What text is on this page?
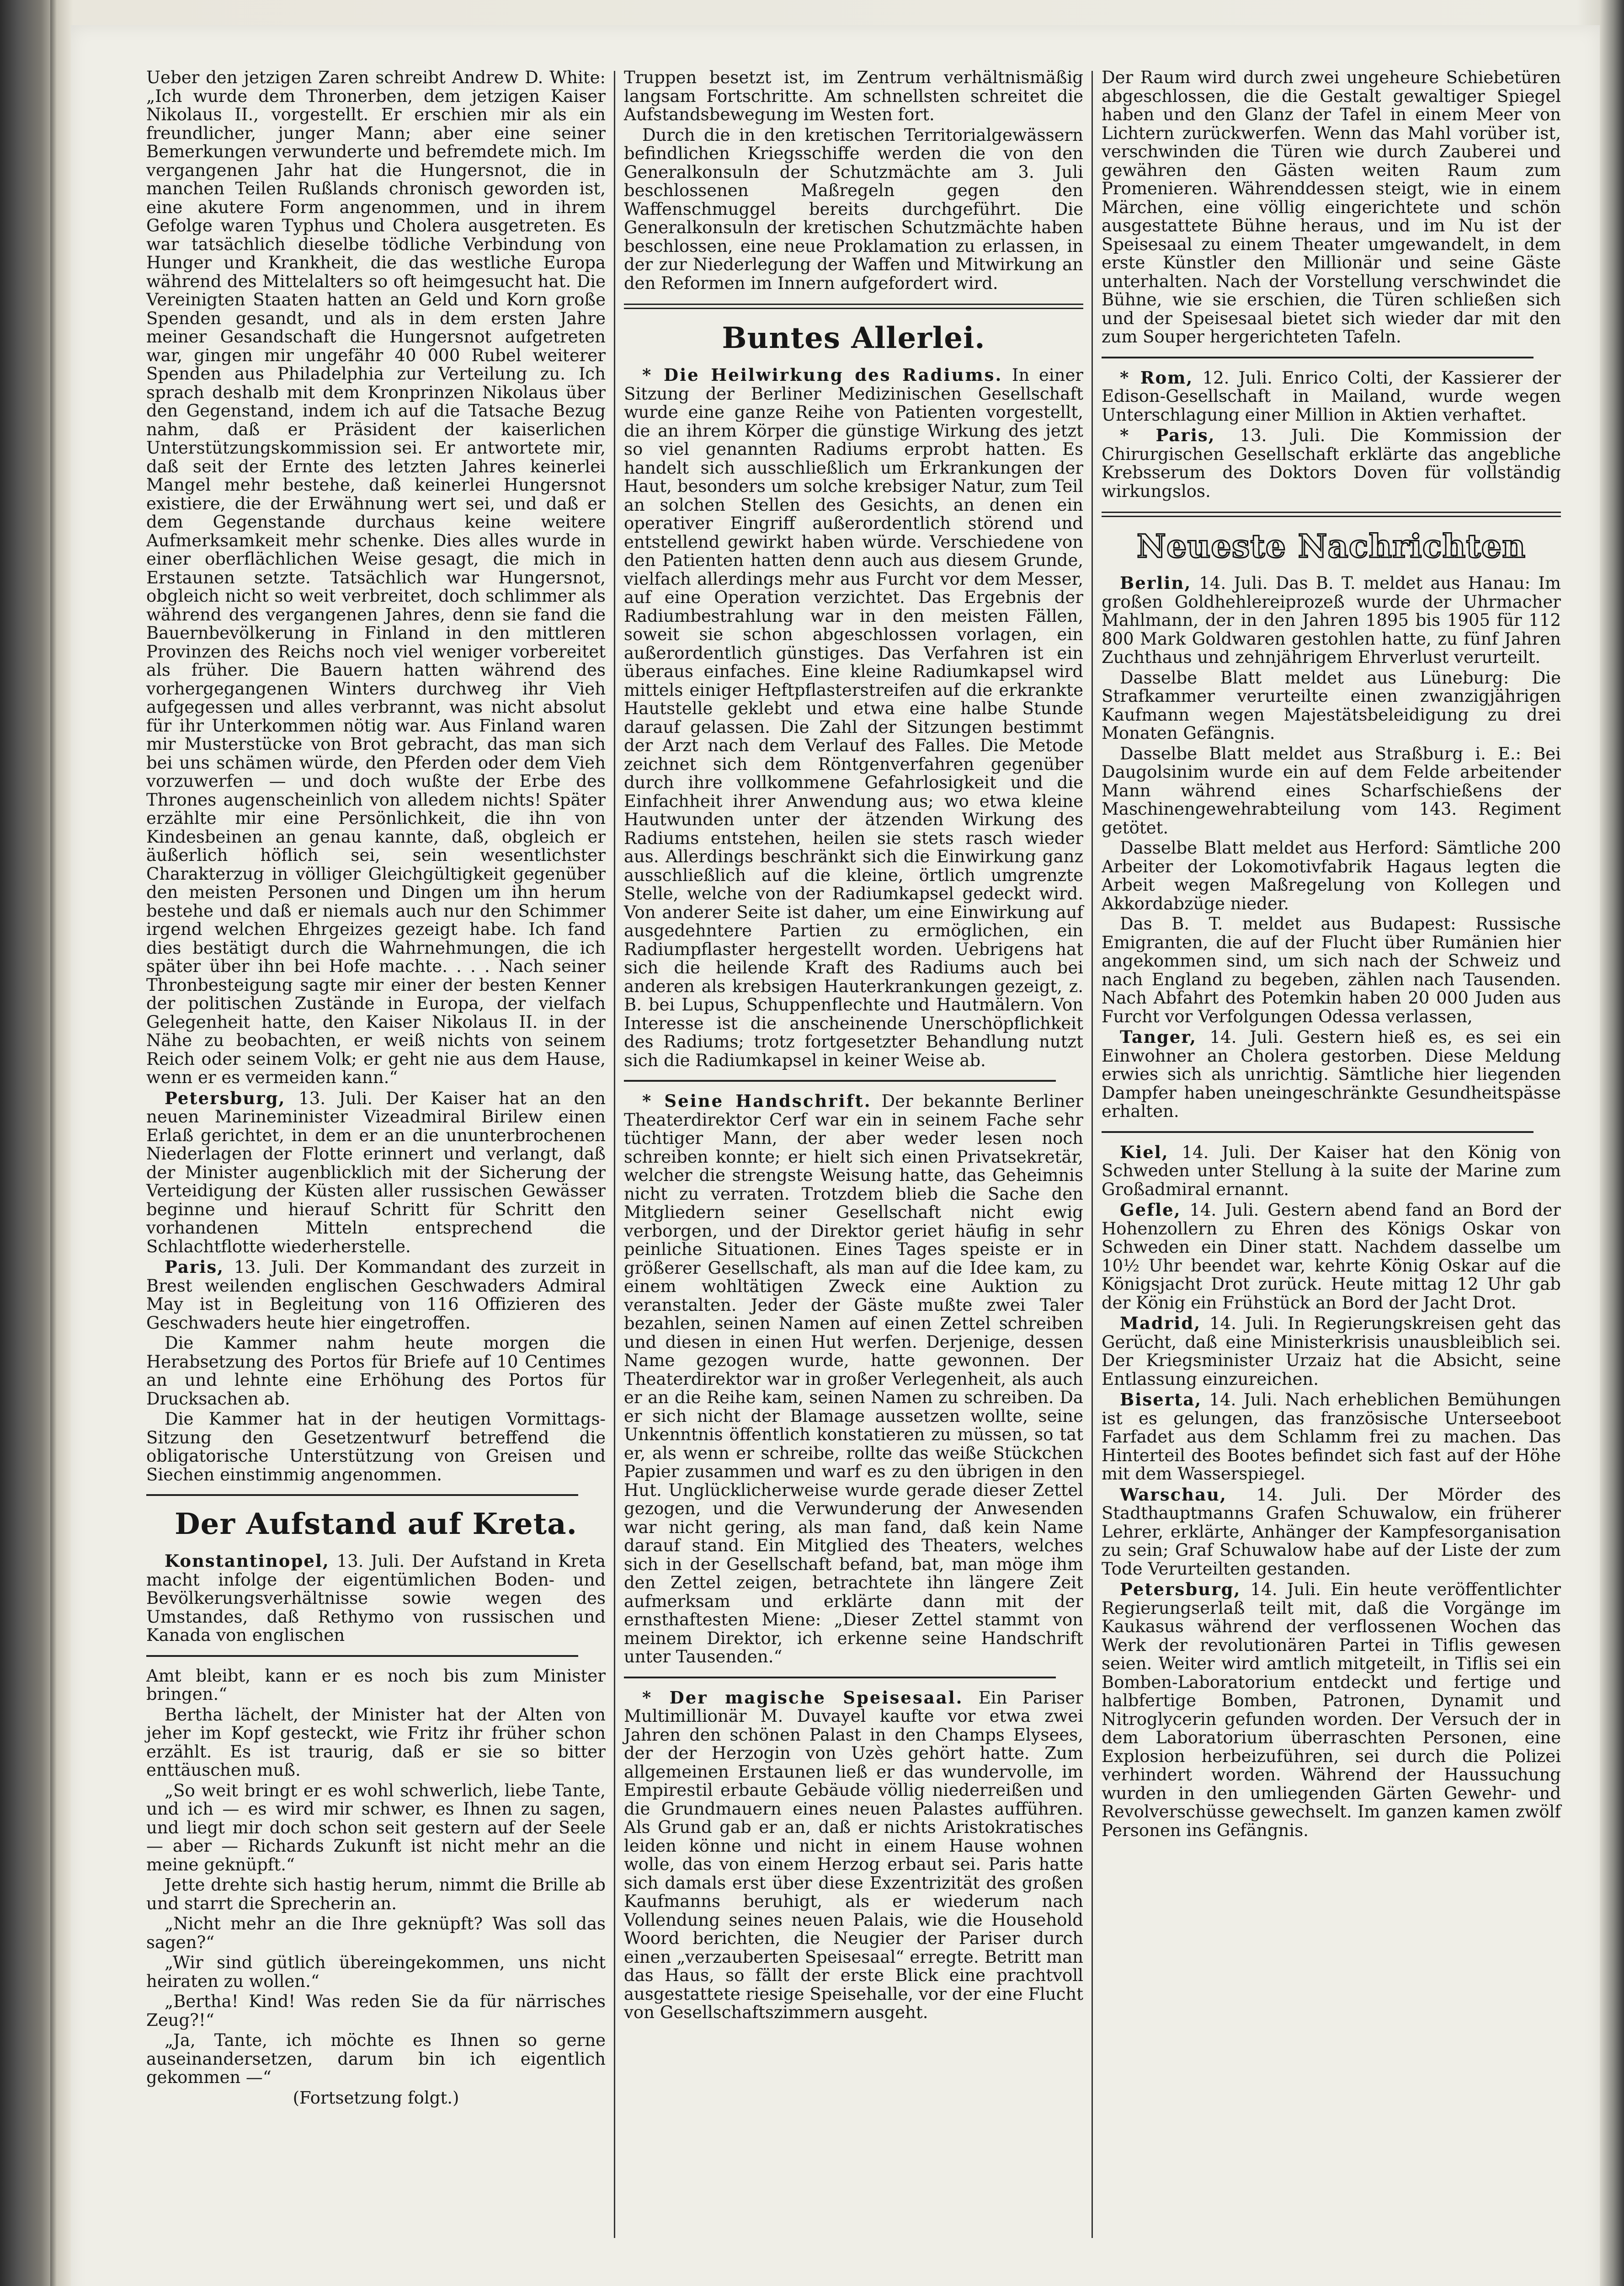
Ueber den jetzigen Zaren schreibt Andrew D. White: „Ich wurde dem Thronerben, dem jetzigen Kaiser Nikolaus II., vorgestellt. Er erschien mir als ein freundlicher, junger Mann; aber eine seiner Bemerkungen verwunderte und befremdete mich. Im vergangenen Jahr hat die Hungersnot, die in manchen Teilen Rußlands chronisch geworden ist, eine akutere Form angenommen, und in ihrem Gefolge waren Typhus und Cholera ausgetreten. Es war tatsächlich dieselbe tödliche Verbindung von Hunger und Krankheit, die das westliche Europa während des Mittelalters so oft heimgesucht hat. Die Vereinigten Staaten hatten an Geld und Korn große Spenden gesandt, und als in dem ersten Jahre meiner Gesandschaft die Hungersnot aufgetreten war, gingen mir ungefähr 40 000 Rubel weiterer Spenden aus Philadelphia zur Verteilung zu. Ich sprach deshalb mit dem Kronprinzen Nikolaus über den Gegenstand, indem ich auf die Tatsache Bezug nahm, daß er Präsident der kaiserlichen Unterstützungskommission sei. Er antwortete mir, daß seit der Ernte des letzten Jahres keinerlei Mangel mehr bestehe, daß keinerlei Hungersnot existiere, die der Erwähnung wert sei, und daß er dem Gegenstande durchaus keine weitere Aufmerksamkeit mehr schenke. Dies alles wurde in einer oberflächlichen Weise gesagt, die mich in Erstaunen setzte. Tatsächlich war Hungersnot, obgleich nicht so weit verbreitet, doch schlimmer als während des vergangenen Jahres, denn sie fand die Bauernbevölkerung in Finland in den mittleren Provinzen des Reichs noch viel weniger vorbereitet als früher. Die Bauern hatten während des vorhergegangenen Winters durchweg ihr Vieh aufgegessen und alles verbrannt, was nicht absolut für ihr Unterkommen nötig war. Aus Finland waren mir Musterstücke von Brot gebracht, das man sich bei uns schämen würde, den Pferden oder dem Vieh vorzuwerfen — und doch wußte der Erbe des Thrones augenscheinlich von alledem nichts! Später erzählte mir eine Persönlichkeit, die ihn von Kindesbeinen an genau kannte, daß, obgleich er äußerlich höflich sei, sein wesentlichster Charakterzug in völliger Gleichgültigkeit gegenüber den meisten Personen und Dingen um ihn herum bestehe und daß er niemals auch nur den Schimmer irgend welchen Ehrgeizes gezeigt habe. Ich fand dies bestätigt durch die Wahrnehmungen, die ich später über ihn bei Hofe machte. . . . Nach seiner Thronbesteigung sagte mir einer der besten Kenner der politischen Zustände in Europa, der vielfach Gelegenheit hatte, den Kaiser Nikolaus II. in der Nähe zu beobachten, er weiß nichts von seinem Reich oder seinem Volk; er geht nie aus dem Hause, wenn er es vermeiden kann.“

Petersburg, 13. Juli. Der Kaiser hat an den neuen Marineminister Vizeadmiral Birilew einen Erlaß gerichtet, in dem er an die ununterbrochenen Niederlagen der Flotte erinnert und verlangt, daß der Minister augenblicklich mit der Sicherung der Verteidigung der Küsten aller russischen Gewässer beginne und hierauf Schritt für Schritt den vorhandenen Mitteln entsprechend die Schlachtflotte wiederherstelle.

Paris, 13. Juli. Der Kommandant des zurzeit in Brest weilenden englischen Geschwaders Admiral May ist in Begleitung von 116 Offizieren des Geschwaders heute hier eingetroffen.

Die Kammer nahm heute morgen die Herabsetzung des Portos für Briefe auf 10 Centimes an und lehnte eine Erhöhung des Portos für Drucksachen ab.

Die Kammer hat in der heutigen Vormittags-Sitzung den Gesetzentwurf betreffend die obligatorische Unterstützung von Greisen und Siechen einstimmig angenommen.

Der Aufstand auf Kreta.

Konstantinopel, 13. Juli. Der Aufstand in Kreta macht infolge der eigentümlichen Boden- und Bevölkerungsverhältnisse sowie wegen des Umstandes, daß Rethymo von russischen und Kanada von englischen

Amt bleibt, kann er es noch bis zum Minister bringen.“

Bertha lächelt, der Minister hat der Alten von jeher im Kopf gesteckt, wie Fritz ihr früher schon erzählt. Es ist traurig, daß er sie so bitter enttäuschen muß.

„So weit bringt er es wohl schwerlich, liebe Tante, und ich — es wird mir schwer, es Ihnen zu sagen, und liegt mir doch schon seit gestern auf der Seele — aber — Richards Zukunft ist nicht mehr an die meine geknüpft.“

Jette drehte sich hastig herum, nimmt die Brille ab und starrt die Sprecherin an.

„Nicht mehr an die Ihre geknüpft? Was soll das sagen?“

„Wir sind gütlich übereingekommen, uns nicht heiraten zu wollen.“

„Bertha! Kind! Was reden Sie da für närrisches Zeug?!“

„Ja, Tante, ich möchte es Ihnen so gerne auseinandersetzen, darum bin ich eigentlich gekommen —“

(Fortsetzung folgt.)

Truppen besetzt ist, im Zentrum verhältnismäßig langsam Fortschritte. Am schnellsten schreitet die Aufstandsbewegung im Westen fort.

Durch die in den kretischen Territorialgewässern befindlichen Kriegsschiffe werden die von den Generalkonsuln der Schutzmächte am 3. Juli beschlossenen Maßregeln gegen den Waffenschmuggel bereits durchgeführt. Die Generalkonsuln der kretischen Schutzmächte haben beschlossen, eine neue Proklamation zu erlassen, in der zur Niederlegung der Waffen und Mitwirkung an den Reformen im Innern aufgefordert wird.

Buntes Allerlei.

* Die Heilwirkung des Radiums. In einer Sitzung der Berliner Medizinischen Gesellschaft wurde eine ganze Reihe von Patienten vorgestellt, die an ihrem Körper die günstige Wirkung des jetzt so viel genannten Radiums erprobt hatten. Es handelt sich ausschließlich um Erkrankungen der Haut, besonders um solche krebsiger Natur, zum Teil an solchen Stellen des Gesichts, an denen ein operativer Eingriff außerordentlich störend und entstellend gewirkt haben würde. Verschiedene von den Patienten hatten denn auch aus diesem Grunde, vielfach allerdings mehr aus Furcht vor dem Messer, auf eine Operation verzichtet. Das Ergebnis der Radiumbestrahlung war in den meisten Fällen, soweit sie schon abgeschlossen vorlagen, ein außerordentlich günstiges. Das Verfahren ist ein überaus einfaches. Eine kleine Radiumkapsel wird mittels einiger Heftpflasterstreifen auf die erkrankte Hautstelle geklebt und etwa eine halbe Stunde darauf gelassen. Die Zahl der Sitzungen bestimmt der Arzt nach dem Verlauf des Falles. Die Metode zeichnet sich dem Röntgenverfahren gegenüber durch ihre vollkommene Gefahrlosigkeit und die Einfachheit ihrer Anwendung aus; wo etwa kleine Hautwunden unter der ätzenden Wirkung des Radiums entstehen, heilen sie stets rasch wieder aus. Allerdings beschränkt sich die Einwirkung ganz ausschließlich auf die kleine, örtlich umgrenzte Stelle, welche von der Radiumkapsel gedeckt wird. Von anderer Seite ist daher, um eine Einwirkung auf ausgedehntere Partien zu ermöglichen, ein Radiumpflaster hergestellt worden. Uebrigens hat sich die heilende Kraft des Radiums auch bei anderen als krebsigen Hauterkrankungen gezeigt, z. B. bei Lupus, Schuppenflechte und Hautmälern. Von Interesse ist die anscheinende Unerschöpflichkeit des Radiums; trotz fortgesetzter Behandlung nutzt sich die Radiumkapsel in keiner Weise ab.

* Seine Handschrift. Der bekannte Berliner Theaterdirektor Cerf war ein in seinem Fache sehr tüchtiger Mann, der aber weder lesen noch schreiben konnte; er hielt sich einen Privatsekretär, welcher die strengste Weisung hatte, das Geheimnis nicht zu verraten. Trotzdem blieb die Sache den Mitgliedern seiner Gesellschaft nicht ewig verborgen, und der Direktor geriet häufig in sehr peinliche Situationen. Eines Tages speiste er in größerer Gesellschaft, als man auf die Idee kam, zu einem wohltätigen Zweck eine Auktion zu veranstalten. Jeder der Gäste mußte zwei Taler bezahlen, seinen Namen auf einen Zettel schreiben und diesen in einen Hut werfen. Derjenige, dessen Name gezogen wurde, hatte gewonnen. Der Theaterdirektor war in großer Verlegenheit, als auch er an die Reihe kam, seinen Namen zu schreiben. Da er sich nicht der Blamage aussetzen wollte, seine Unkenntnis öffentlich konstatieren zu müssen, so tat er, als wenn er schreibe, rollte das weiße Stückchen Papier zusammen und warf es zu den übrigen in den Hut. Unglücklicherweise wurde gerade dieser Zettel gezogen, und die Verwunderung der Anwesenden war nicht gering, als man fand, daß kein Name darauf stand. Ein Mitglied des Theaters, welches sich in der Gesellschaft befand, bat, man möge ihm den Zettel zeigen, betrachtete ihn längere Zeit aufmerksam und erklärte dann mit der ernsthaftesten Miene: „Dieser Zettel stammt von meinem Direktor, ich erkenne seine Handschrift unter Tausenden.“

* Der magische Speisesaal. Ein Pariser Multimillionär M. Duvayel kaufte vor etwa zwei Jahren den schönen Palast in den Champs Elysees, der der Herzogin von Uzès gehört hatte. Zum allgemeinen Erstaunen ließ er das wundervolle, im Empirestil erbaute Gebäude völlig niederreißen und die Grundmauern eines neuen Palastes aufführen. Als Grund gab er an, daß er nichts Aristokratisches leiden könne und nicht in einem Hause wohnen wolle, das von einem Herzog erbaut sei. Paris hatte sich damals erst über diese Exzentrizität des großen Kaufmanns beruhigt, als er wiederum nach Vollendung seines neuen Palais, wie die Household Woord berichten, die Neugier der Pariser durch einen „verzauberten Speisesaal“ erregte. Betritt man das Haus, so fällt der erste Blick eine prachtvoll ausgestattete riesige Speisehalle, vor der eine Flucht von Gesellschaftszimmern ausgeht.

Der Raum wird durch zwei ungeheure Schiebetüren abgeschlossen, die die Gestalt gewaltiger Spiegel haben und den Glanz der Tafel in einem Meer von Lichtern zurückwerfen. Wenn das Mahl vorüber ist, verschwinden die Türen wie durch Zauberei und gewähren den Gästen weiten Raum zum Promenieren. Währenddessen steigt, wie in einem Märchen, eine völlig eingerichtete und schön ausgestattete Bühne heraus, und im Nu ist der Speisesaal zu einem Theater umgewandelt, in dem erste Künstler den Millionär und seine Gäste unterhalten. Nach der Vorstellung verschwindet die Bühne, wie sie erschien, die Türen schließen sich und der Speisesaal bietet sich wieder dar mit den zum Souper hergerichteten Tafeln.

* Rom, 12. Juli. Enrico Colti, der Kassierer der Edison-Gesellschaft in Mailand, wurde wegen Unterschlagung einer Million in Aktien verhaftet.

* Paris, 13. Juli. Die Kommission der Chirurgischen Gesellschaft erklärte das angebliche Krebsserum des Doktors Doven für vollständig wirkungslos.

Neueste Nachrichten

Berlin, 14. Juli. Das B. T. meldet aus Hanau: Im großen Goldhehlereiprozeß wurde der Uhrmacher Mahlmann, der in den Jahren 1895 bis 1905 für 112 800 Mark Goldwaren gestohlen hatte, zu fünf Jahren Zuchthaus und zehnjährigem Ehrverlust verurteilt.

Dasselbe Blatt meldet aus Lüneburg: Die Strafkammer verurteilte einen zwanzigjährigen Kaufmann wegen Majestätsbeleidigung zu drei Monaten Gefängnis.

Dasselbe Blatt meldet aus Straßburg i. E.: Bei Daugolsinim wurde ein auf dem Felde arbeitender Mann während eines Scharfschießens der Maschinengewehrabteilung vom 143. Regiment getötet.

Dasselbe Blatt meldet aus Herford: Sämtliche 200 Arbeiter der Lokomotivfabrik Hagaus legten die Arbeit wegen Maßregelung von Kollegen und Akkordabzüge nieder.

Das B. T. meldet aus Budapest: Russische Emigranten, die auf der Flucht über Rumänien hier angekommen sind, um sich nach der Schweiz und nach England zu begeben, zählen nach Tausenden. Nach Abfahrt des Potemkin haben 20 000 Juden aus Furcht vor Verfolgungen Odessa verlassen,

Tanger, 14. Juli. Gestern hieß es, es sei ein Einwohner an Cholera gestorben. Diese Meldung erwies sich als unrichtig. Sämtliche hier liegenden Dampfer haben uneingeschränkte Gesundheitspässe erhalten.

Kiel, 14. Juli. Der Kaiser hat den König von Schweden unter Stellung à la suite der Marine zum Großadmiral ernannt.

Gefle, 14. Juli. Gestern abend fand an Bord der Hohenzollern zu Ehren des Königs Oskar von Schweden ein Diner statt. Nachdem dasselbe um 10½ Uhr beendet war, kehrte König Oskar auf die Königsjacht Drot zurück. Heute mittag 12 Uhr gab der König ein Frühstück an Bord der Jacht Drot.

Madrid, 14. Juli. In Regierungskreisen geht das Gerücht, daß eine Ministerkrisis unausbleiblich sei. Der Kriegsminister Urzaiz hat die Absicht, seine Entlassung einzureichen.

Biserta, 14. Juli. Nach erheblichen Bemühungen ist es gelungen, das französische Unterseeboot Farfadet aus dem Schlamm frei zu machen. Das Hinterteil des Bootes befindet sich fast auf der Höhe mit dem Wasserspiegel.

Warschau, 14. Juli. Der Mörder des Stadthauptmanns Grafen Schuwalow, ein früherer Lehrer, erklärte, Anhänger der Kampfesorganisation zu sein; Graf Schuwalow habe auf der Liste der zum Tode Verurteilten gestanden.

Petersburg, 14. Juli. Ein heute veröffentlichter Regierungserlaß teilt mit, daß die Vorgänge im Kaukasus während der verflossenen Wochen das Werk der revolutionären Partei in Tiflis gewesen seien. Weiter wird amtlich mitgeteilt, in Tiflis sei ein Bomben-Laboratorium entdeckt und fertige und halbfertige Bomben, Patronen, Dynamit und Nitroglycerin gefunden worden. Der Versuch der in dem Laboratorium überraschten Personen, eine Explosion herbeizuführen, sei durch die Polizei verhindert worden. Während der Haussuchung wurden in den umliegenden Gärten Gewehr- und Revolverschüsse gewechselt. Im ganzen kamen zwölf Personen ins Gefängnis.
